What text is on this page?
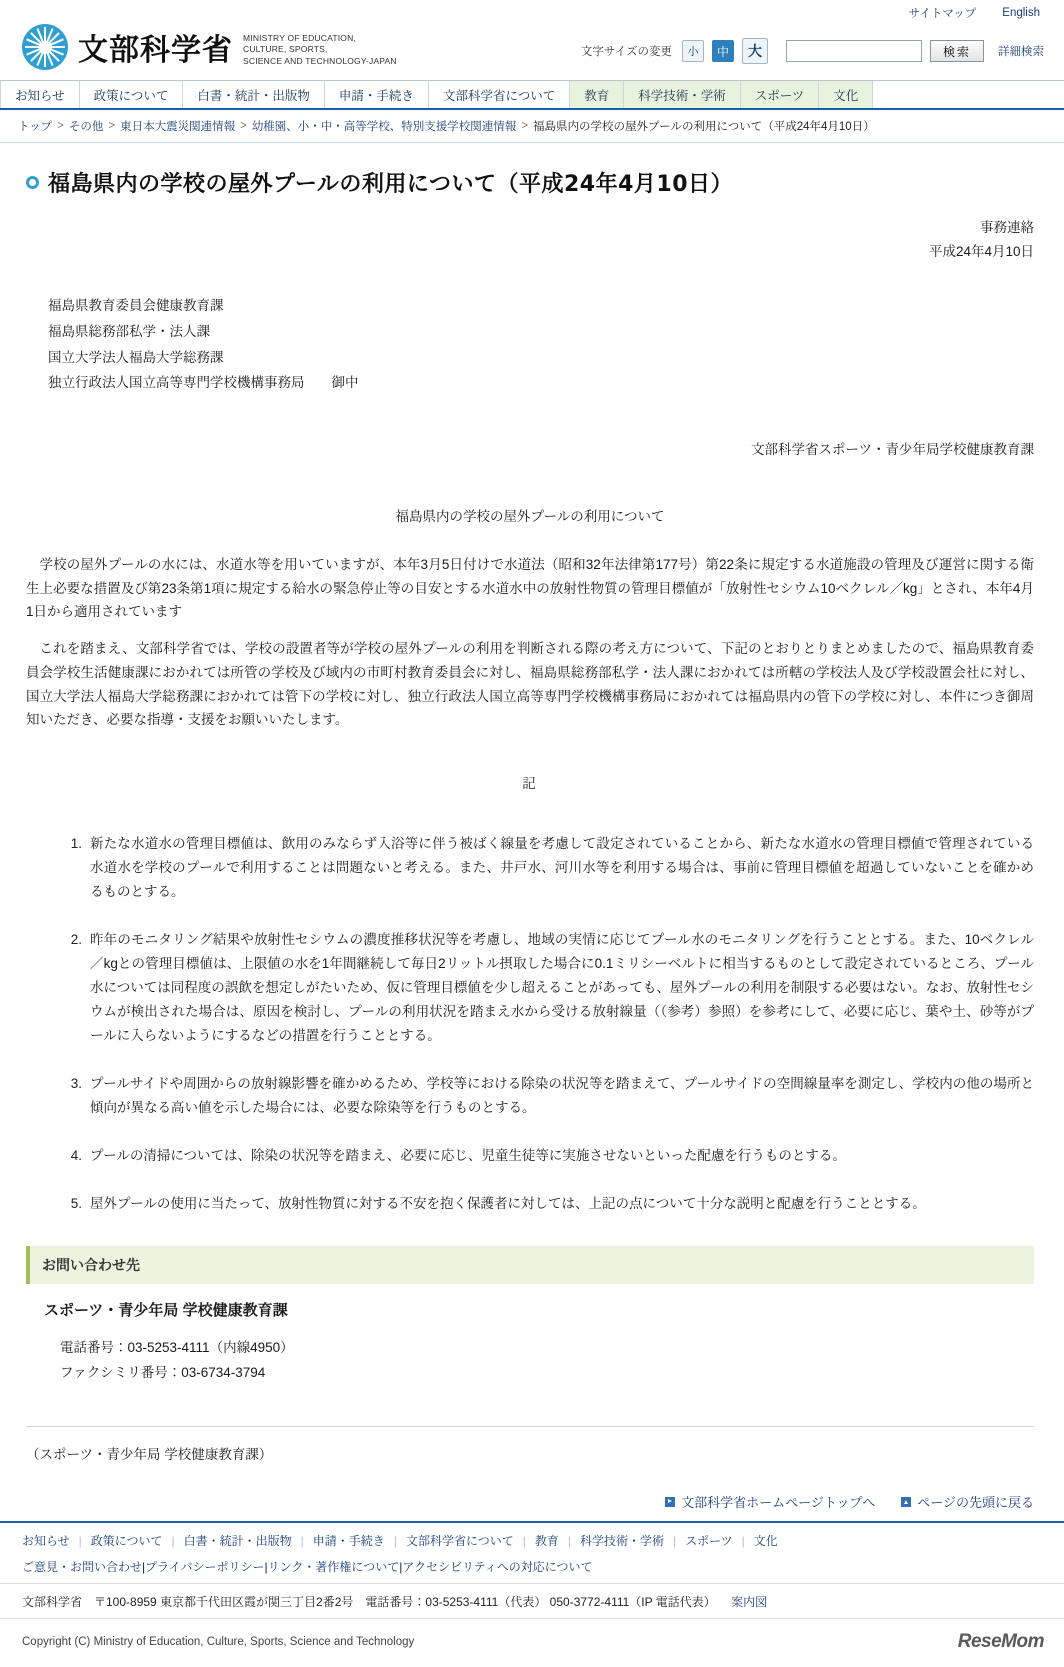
サイトマップ English
文部科学省 MINISTRY OF EDUCATION,
CULTURE, SPORTS,
SCIENCE AND TECHNOLOGY-JAPAN
文字サイズの変更	小	中	大	検索	詳細検索
お知らせ	政策について	白書・統計・出版物	申請・手続き	文部科学省について	教育	科学技術・学術	スポーツ	文化
トップ > その他 > 東日本大震災関連情報 > 幼稚園、小・中・高等学校、特別支援学校関連情報 > 福島県内の学校の屋外プールの利用について（平成24年4月10日）
福島県内の学校の屋外プールの利用について（平成24年4月10日）
事務連絡
平成24年4月10日
福島県教育委員会健康教育課
福島県総務部私学・法人課
国立大学法人福島大学総務課
独立行政法人国立高等専門学校機構事務局　　御中
文部科学省スポーツ・青少年局学校健康教育課
福島県内の学校の屋外プールの利用について

学校の屋外プールの水には、水道水等を用いていますが、本年3月5日付けで水道法（昭和32年法律第177号）第22条に規定する水道施設の管理及び運営に関する衛生上必要な措置及び第23条第1項に規定する給水の緊急停止等の目安とする水道水中の放射性物質の管理目標値が「放射性セシウム10ベクレル／kg」とされ、本年4月1日から適用されています

これを踏まえ、文部科学省では、学校の設置者等が学校の屋外プールの利用を判断される際の考え方について、下記のとおりとりまとめましたので、福島県教育委員会学校生活健康課におかれては所管の学校及び域内の市町村教育委員会に対し、福島県総務部私学・法人課におかれては所轄の学校法人及び学校設置会社に対し、国立大学法人福島大学総務課におかれては管下の学校に対し、独立行政法人国立高等専門学校機構事務局におかれては福島県内の管下の学校に対し、本件につき御周知いただき、必要な指導・支援をお願いいたします。

記
新たな水道水の管理目標値は、飲用のみならず入浴等に伴う被ばく線量を考慮して設定されていることから、新たな水道水の管理目標値で管理されている水道水を学校のプールで利用することは問題ないと考える。また、井戸水、河川水等を利用する場合は、事前に管理目標値を超過していないことを確かめるものとする。
昨年のモニタリング結果や放射性セシウムの濃度推移状況等を考慮し、地域の実情に応じてプール水のモニタリングを行うこととする。また、10ベクレル／kgとの管理目標値は、上限値の水を1年間継続して毎日2リットル摂取した場合に0.1ミリシーベルトに相当するものとして設定されているところ、プール水については同程度の誤飲を想定しがたいため、仮に管理目標値を少し超えることがあっても、屋外プールの利用を制限する必要はない。なお、放射性セシウムが検出された場合は、原因を検討し、プールの利用状況を踏まえ水から受ける放射線量（（参考）参照）を参考にして、必要に応じ、葉や土、砂等がプールに入らないようにするなどの措置を行うこととする。
プールサイドや周囲からの放射線影響を確かめるため、学校等における除染の状況等を踏まえて、プールサイドの空間線量率を測定し、学校内の他の場所と傾向が異なる高い値を示した場合には、必要な除染等を行うものとする。
プールの清掃については、除染の状況等を踏まえ、必要に応じ、児童生徒等に実施させないといった配慮を行うものとする。
屋外プールの使用に当たって、放射性物質に対する不安を抱く保護者に対しては、上記の点について十分な説明と配慮を行うこととする。
お問い合わせ先
スポーツ・青少年局 学校健康教育課
電話番号：03-5253-4111（内線4950）
ファクシミリ番号：03-6734-3794
（スポーツ・青少年局 学校健康教育課）
文部科学省ホームページトップへ	ページの先頭に戻る
お知らせ | 政策について | 白書・統計・出版物 | 申請・手続き | 文部科学省について | 教育 | 科学技術・学術 | スポーツ | 文化
ご意見・お問い合わせ | プライバシーポリシー | リンク・著作権について | アクセシビリティへの対応について
文部科学省　〒100-8959 東京都千代田区霞が関三丁目2番2号　電話番号：03-5253-4111（代表） 050-3772-4111（IP 電話代表） 案内図
Copyright (C) Ministry of Education, Culture, Sports, Science and Technology	ReseMom
